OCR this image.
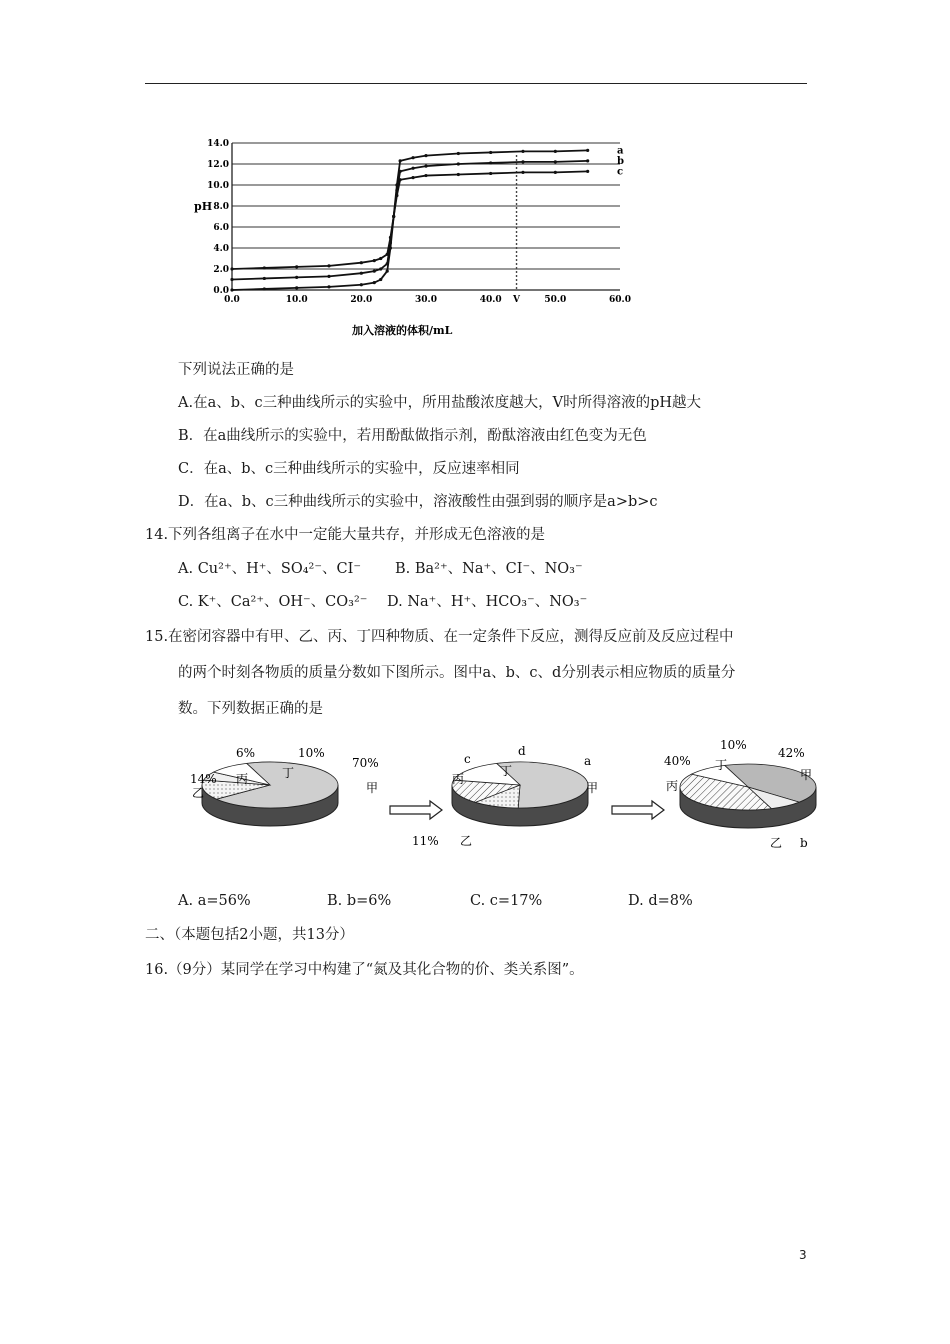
0.0
2.0
4.0
6.0
8.0
10.0
12.0
14.0
0.0	10.0	20.0	30.0	40.0 V	50.0	60.0
pH
加入溶液的体积/mL
a
b
c
下列说法正确的是
A.在a、b、c三种曲线所示的实验中，所用盐酸浓度越大，V时所得溶液的pH越大
B．在a曲线所示的实验中，若用酚酞做指示剂，酚酞溶液由红色变为无色
C．在a、b、c三种曲线所示的实验中，反应速率相同
D．在a、b、c三种曲线所示的实验中，溶液酸性由强到弱的顺序是a>b>c
14.下列各组离子在水中一定能大量共存，并形成无色溶液的是
A. Cu²⁺、H⁺、SO₄²⁻、CI⁻ B. Ba²⁺、Na⁺、CI⁻、NO₃⁻
C. K⁺、Ca²⁺、OH⁻、CO₃²⁻ D. Na⁺、H⁺、HCO₃⁻、NO₃⁻
15.在密闭容器中有甲、乙、丙、丁四种物质、在一定条件下反应，测得反应前及反应过程中
的两个时刻各物质的质量分数如下图所示。图中a、b、c、d分别表示相应物质的质量分
数。下列数据正确的是
70%
甲
14%
乙
6%
丙
10%
丁
a
甲
11% 乙
c
丙
d
丁
42%
甲
b
乙
40%
丙
10%
丁
A. a=56%	B. b=6%	C. c=17%	D. d=8%
二、（本题包括2小题，共13分）
16.（9分）某同学在学习中构建了“氮及其化合物的价、类关系图”。
3
